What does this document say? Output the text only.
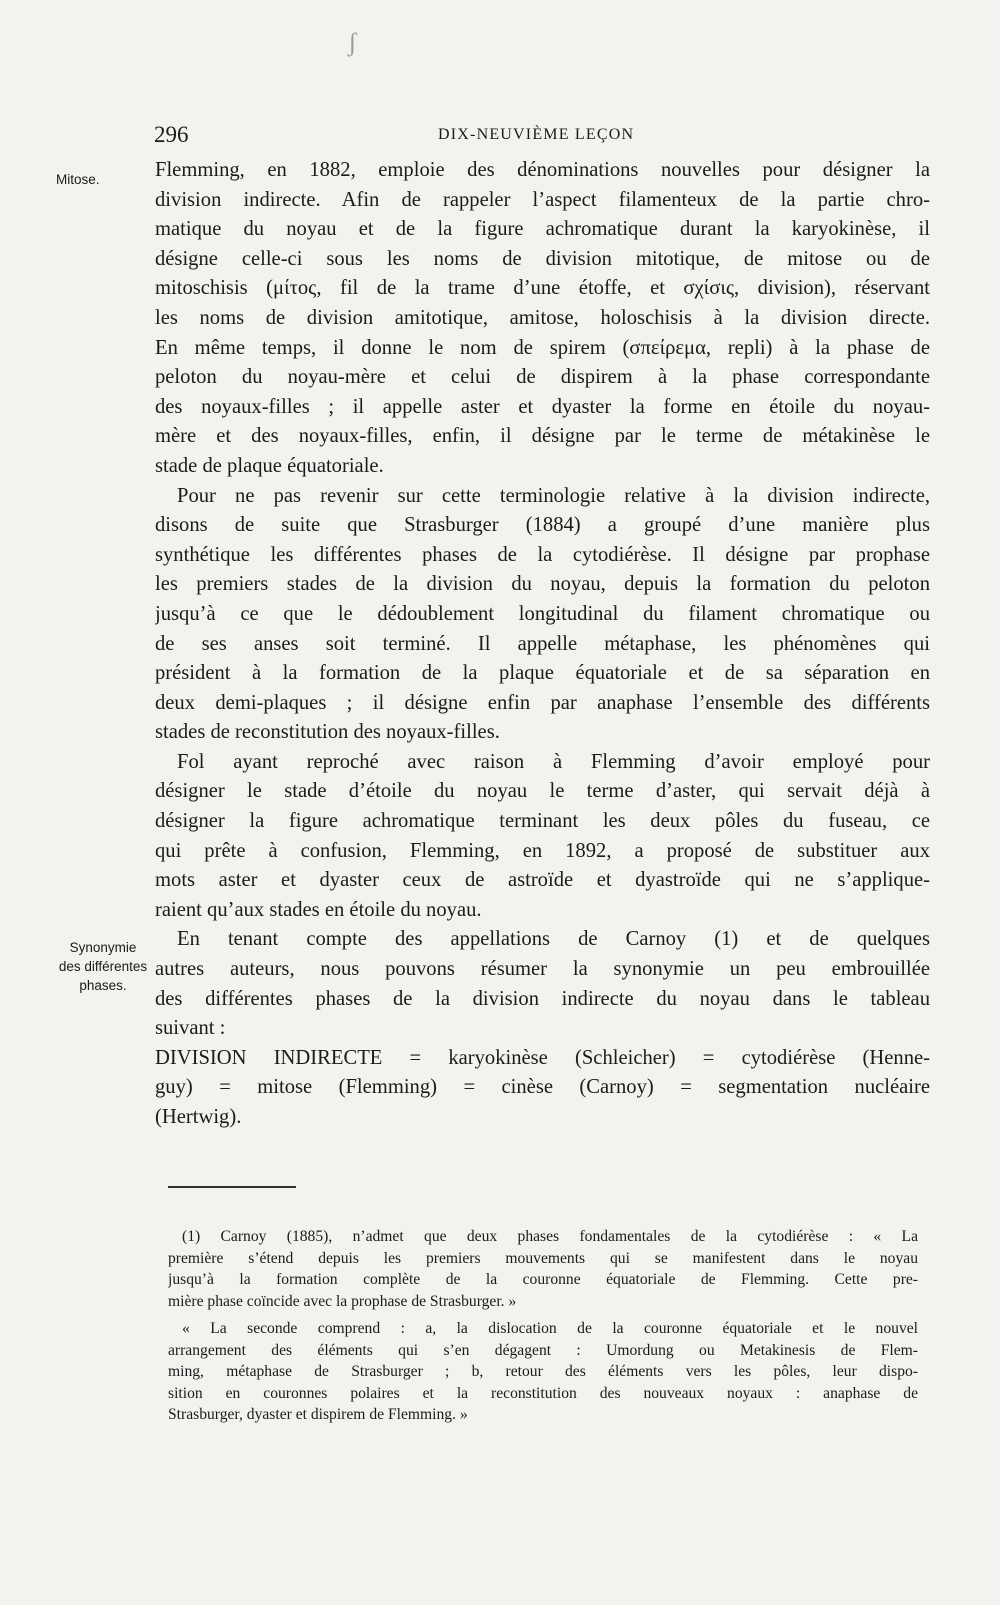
ʃ
296	DIX-NEUVIÈME LEÇON
Mitose.
Synonymie
des différentes
phases.
Flemming, en 1882, emploie des dénominations nouvelles pour désigner la
division indirecte. Afin de rappeler l’aspect filamenteux de la partie chro-
matique du noyau et de la figure achromatique durant la karyokinèse, il
désigne celle-ci sous les noms de division mitotique, de mitose ou de
mitoschisis (μίτος, fil de la trame d’une étoffe, et σχίσις, division), réservant
les noms de division amitotique, amitose, holoschisis à la division directe.
En même temps, il donne le nom de spirem (σπείρεμα, repli) à la phase de
peloton du noyau-mère et celui de dispirem à la phase correspondante
des noyaux-filles ; il appelle aster et dyaster la forme en étoile du noyau-
mère et des noyaux-filles, enfin, il désigne par le terme de métakinèse le
stade de plaque équatoriale.
Pour ne pas revenir sur cette terminologie relative à la division indirecte,
disons de suite que Strasburger (1884) a groupé d’une manière plus
synthétique les différentes phases de la cytodiérèse. Il désigne par prophase
les premiers stades de la division du noyau, depuis la formation du peloton
jusqu’à ce que le dédoublement longitudinal du filament chromatique ou
de ses anses soit terminé. Il appelle métaphase, les phénomènes qui
président à la formation de la plaque équatoriale et de sa séparation en
deux demi-plaques ; il désigne enfin par anaphase l’ensemble des différents
stades de reconstitution des noyaux-filles.
Fol ayant reproché avec raison à Flemming d’avoir employé pour
désigner le stade d’étoile du noyau le terme d’aster, qui servait déjà à
désigner la figure achromatique terminant les deux pôles du fuseau, ce
qui prête à confusion, Flemming, en 1892, a proposé de substituer aux
mots aster et dyaster ceux de astroïde et dyastroïde qui ne s’applique-
raient qu’aux stades en étoile du noyau.
En tenant compte des appellations de Carnoy (1) et de quelques
autres auteurs, nous pouvons résumer la synonymie un peu embrouillée
des différentes phases de la division indirecte du noyau dans le tableau
suivant :
DIVISION INDIRECTE = karyokinèse (Schleicher) = cytodiérèse (Henne-
guy) = mitose (Flemming) = cinèse (Carnoy) = segmentation nucléaire
(Hertwig).
(1) Carnoy (1885), n’admet que deux phases fondamentales de la cytodiérèse : « La
première s’étend depuis les premiers mouvements qui se manifestent dans le noyau
jusqu’à la formation complète de la couronne équatoriale de Flemming. Cette pre-
mière phase coïncide avec la prophase de Strasburger. »
« La seconde comprend : a, la dislocation de la couronne équatoriale et le nouvel
arrangement des éléments qui s’en dégagent : Umordung ou Metakinesis de Flem-
ming, métaphase de Strasburger ; b, retour des éléments vers les pôles, leur dispo-
sition en couronnes polaires et la reconstitution des nouveaux noyaux : anaphase de
Strasburger, dyaster et dispirem de Flemming. »
